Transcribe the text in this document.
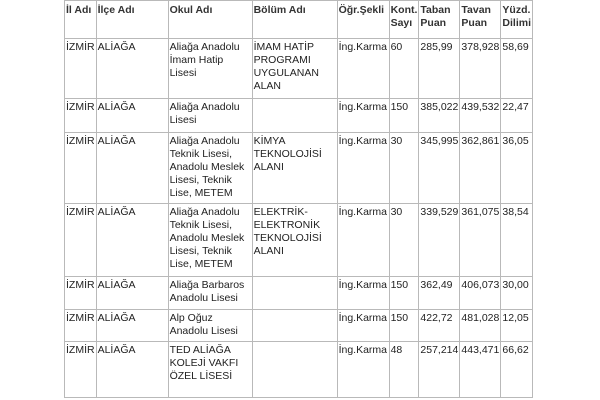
İl Adı	İlçe Adı	Okul Adı	Bölüm Adı	Öğr.Şekli	Kont. Sayı	Taban Puan	Tavan Puan	Yüzd. Dilimi
İZMİR	ALİAĞA	Aliağa Anadolu İmam Hatip Lisesi	İMAM HATİP PROGRAMI UYGULANAN ALAN	İng.Karma	60	285,99	378,928	58,69
İZMİR	ALİAĞA	Aliağa Anadolu Lisesi		İng.Karma	150	385,022	439,532	22,47
İZMİR	ALİAĞA	Aliağa Anadolu Teknik Lisesi, Anadolu Meslek Lisesi, Teknik Lise, METEM	KİMYA TEKNOLOJİSİ ALANI	İng.Karma	30	345,995	362,861	36,05
İZMİR	ALİAĞA	Aliağa Anadolu Teknik Lisesi, Anadolu Meslek Lisesi, Teknik Lise, METEM	ELEKTRİK-ELEKTRONİK TEKNOLOJİSİ ALANI	İng.Karma	30	339,529	361,075	38,54
İZMİR	ALİAĞA	Aliağa Barbaros Anadolu Lisesi		İng.Karma	150	362,49	406,073	30,00
İZMİR	ALİAĞA	Alp Oğuz Anadolu Lisesi		İng.Karma	150	422,72	481,028	12,05
İZMİR	ALİAĞA	TED ALİAĞA KOLEJİ VAKFI ÖZEL LİSESİ		İng.Karma	48	257,214	443,471	66,62
